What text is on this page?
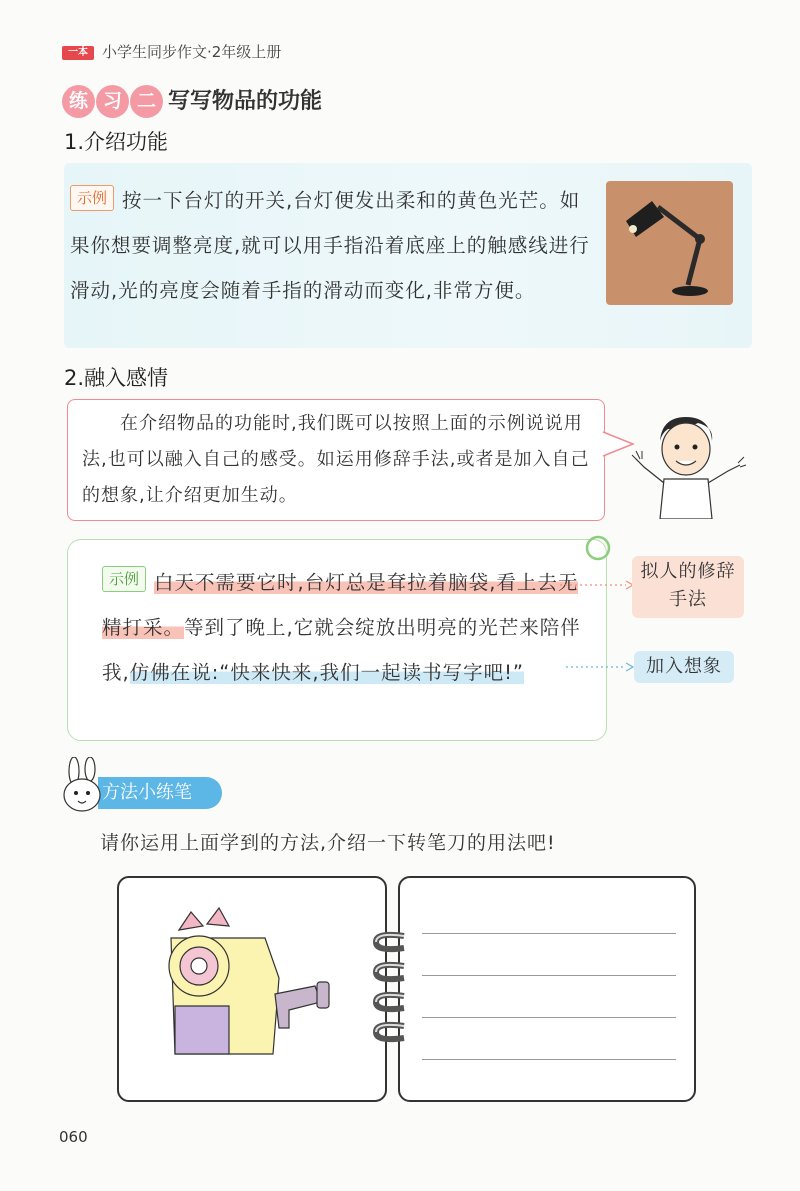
一本 小学生同步作文·2年级上册
练 习 二 写写物品的功能
1.介绍功能
示例 按一下台灯的开关,台灯便发出柔和的黄色光芒。如果你想要调整亮度,就可以用手指沿着底座上的触感线进行滑动,光的亮度会随着手指的滑动而变化,非常方便。
2.融入感情
在介绍物品的功能时,我们既可以按照上面的示例说说用法,也可以融入自己的感受。如运用修辞手法,或者是加入自己的想象,让介绍更加生动。
示例 白天不需要它时,台灯总是耷拉着脑袋,看上去无精打采。等到了晚上,它就会绽放出明亮的光芒来陪伴我,仿佛在说:“快来快来,我们一起读书写字吧!”
拟人的修辞手法
加入想象
方法小练笔
请你运用上面学到的方法,介绍一下转笔刀的用法吧!
060
